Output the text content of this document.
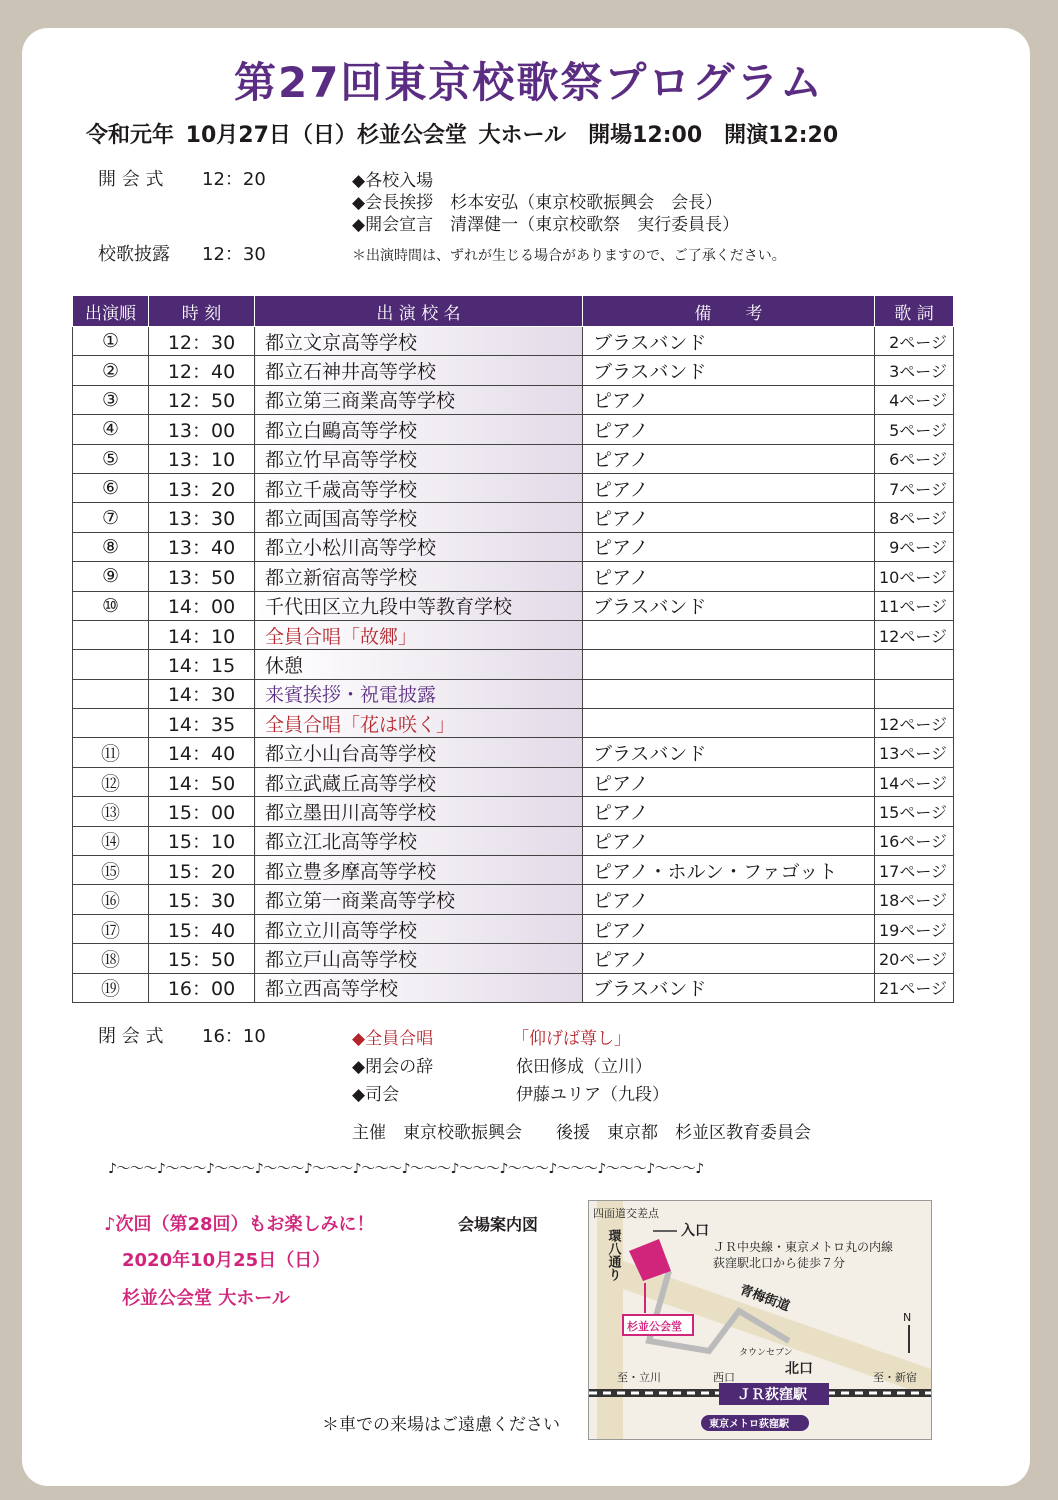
第27回東京校歌祭プログラム
令和元年 10月27日（日）杉並公会堂 大ホール　開場12:00　開演12:20
開 会 式 12：20	◆各校入場
◆会長挨拶　杉本安弘（東京校歌振興会　会長）
◆開会宣言　清澤健一（東京校歌祭　実行委員長）
校歌披露 12：30	＊出演時間は、ずれが生じる場合がありますので、ご了承ください。
出演順	時 刻	出 演 校 名	備　　考	歌 詞
①	12：30	都立文京高等学校	ブラスバンド	2ページ
②	12：40	都立石神井高等学校	ブラスバンド	3ページ
③	12：50	都立第三商業高等学校	ピアノ	4ページ
④	13：00	都立白鷗高等学校	ピアノ	5ページ
⑤	13：10	都立竹早高等学校	ピアノ	6ページ
⑥	13：20	都立千歳高等学校	ピアノ	7ページ
⑦	13：30	都立両国高等学校	ピアノ	8ページ
⑧	13：40	都立小松川高等学校	ピアノ	9ページ
⑨	13：50	都立新宿高等学校	ピアノ	10ページ
⑩	14：00	千代田区立九段中等教育学校	ブラスバンド	11ページ
	14：10	全員合唱「故郷」		12ページ
	14：15	休憩		
	14：30	来賓挨拶・祝電披露		
	14：35	全員合唱「花は咲く」		12ページ
⑪	14：40	都立小山台高等学校	ブラスバンド	13ページ
⑫	14：50	都立武蔵丘高等学校	ピアノ	14ページ
⑬	15：00	都立墨田川高等学校	ピアノ	15ページ
⑭	15：10	都立江北高等学校	ピアノ	16ページ
⑮	15：20	都立豊多摩高等学校	ピアノ・ホルン・ファゴット	17ページ
⑯	15：30	都立第一商業高等学校	ピアノ	18ページ
⑰	15：40	都立立川高等学校	ピアノ	19ページ
⑱	15：50	都立戸山高等学校	ピアノ	20ページ
⑲	16：00	都立西高等学校	ブラスバンド	21ページ
閉 会 式 16：10	◆全員合唱	「仰げば尊し」
◆閉会の辞	依田修成（立川）
◆司会	伊藤ユリア（九段）
主催　東京校歌振興会　　後援　東京都　杉並区教育委員会
♪～～～♪～～～♪～～～♪～～～♪～～～♪～～～♪～～～♪～～～♪～～～♪～～～♪～～～♪～～～♪
♪次回（第28回）もお楽しみに！	会場案内図
2020年10月25日（日）
杉並公会堂 大ホール
＊車での来場はご遠慮ください
四面道交差点
入口
ＪＲ中央線・東京メトロ丸の内線
荻窪駅北口から徒歩７分
青梅街道
環八通り
杉並公会堂
タウンセブン
北口
西口
至・立川	至・新宿
N
ＪＲ荻窪駅
東京メトロ荻窪駅
